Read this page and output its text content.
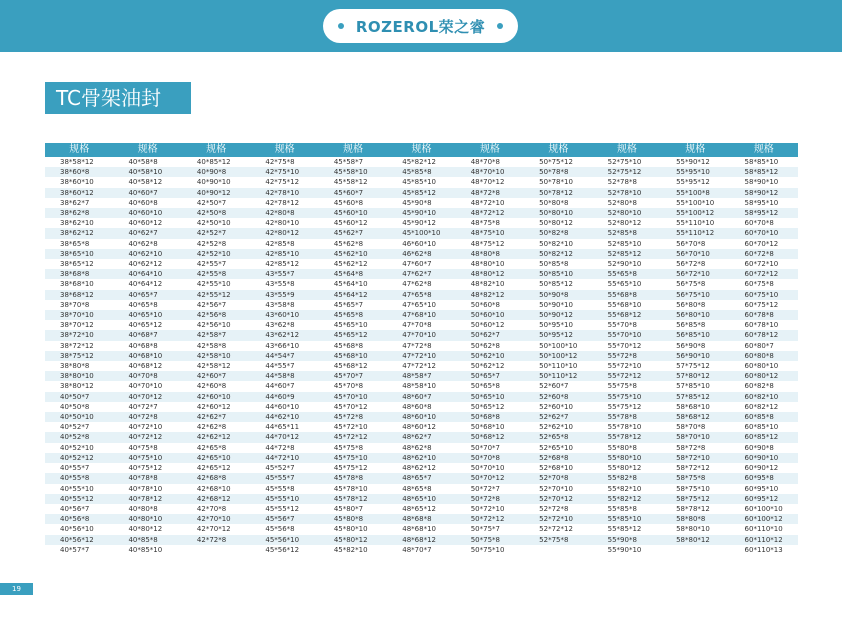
ROZEROL荣之睿
TC骨架油封
规格	规格	规格	规格	规格	规格	规格	规格	规格	规格	规格
38*58*12	40*58*8	40*85*12	42*75*8	45*58*7	45*82*12	48*70*8	50*75*12	52*75*10	55*90*12	58*85*10
38*60*8	40*58*10	40*90*8	42*75*10	45*58*10	45*85*8	48*70*10	50*78*8	52*75*12	55*95*10	58*85*12
38*60*10	40*58*12	40*90*10	42*75*12	45*58*12	45*85*10	48*70*12	50*78*10	52*78*8	55*95*12	58*90*10
38*60*12	40*60*7	40*90*12	42*78*10	45*60*7	45*85*12	48*72*8	50*78*12	52*78*10	55*100*8	58*90*12
38*62*7	40*60*8	42*50*7	42*78*12	45*60*8	45*90*8	48*72*10	50*80*8	52*80*8	55*100*10	58*95*10
38*62*8	40*60*10	42*50*8	42*80*8	45*60*10	45*90*10	48*72*12	50*80*10	52*80*10	55*100*12	58*95*12
38*62*10	40*60*12	42*50*10	42*80*10	45*60*12	45*90*12	48*75*8	50*80*12	52*80*12	55*110*10	60*70*8
38*62*12	40*62*7	42*52*7	42*80*12	45*62*7	45*100*10	48*75*10	50*82*8	52*85*8	55*110*12	60*70*10
38*65*8	40*62*8	42*52*8	42*85*8	45*62*8	46*60*10	48*75*12	50*82*10	52*85*10	56*70*8	60*70*12
38*65*10	40*62*10	42*52*10	42*85*10	45*62*10	46*62*8	48*80*8	50*82*12	52*85*12	56*70*10	60*72*8
38*65*12	40*62*12	42*55*7	42*85*12	45*62*12	47*60*7	48*80*10	50*85*8	52*90*10	56*72*8	60*72*10
38*68*8	40*64*10	42*55*8	43*55*7	45*64*8	47*62*7	48*80*12	50*85*10	55*65*8	56*72*10	60*72*12
38*68*10	40*64*12	42*55*10	43*55*8	45*64*10	47*62*8	48*82*10	50*85*12	55*65*10	56*75*8	60*75*8
38*68*12	40*65*7	42*55*12	43*55*9	45*64*12	47*65*8	48*82*12	50*90*8	55*68*8	56*75*10	60*75*10
38*70*8	40*65*8	42*56*7	43*58*8	45*65*7	47*65*10	50*60*8	50*90*10	55*68*10	56*80*8	60*75*12
38*70*10	40*65*10	42*56*8	43*60*10	45*65*8	47*68*10	50*60*10	50*90*12	55*68*12	56*80*10	60*78*8
38*70*12	40*65*12	42*56*10	43*62*8	45*65*10	47*70*8	50*60*12	50*95*10	55*70*8	56*85*8	60*78*10
38*72*10	40*68*7	42*58*7	43*62*12	45*65*12	47*70*10	50*62*7	50*95*12	55*70*10	56*85*10	60*78*12
38*72*12	40*68*8	42*58*8	43*66*10	45*68*8	47*72*8	50*62*8	50*100*10	55*70*12	56*90*8	60*80*7
38*75*12	40*68*10	42*58*10	44*54*7	45*68*10	47*72*10	50*62*10	50*100*12	55*72*8	56*90*10	60*80*8
38*80*8	40*68*12	42*58*12	44*55*7	45*68*12	47*72*12	50*62*12	50*110*10	55*72*10	57*75*12	60*80*10
38*80*10	40*70*8	42*60*7	44*58*8	45*70*7	48*58*7	50*65*7	50*110*12	55*72*12	57*80*12	60*80*12
38*80*12	40*70*10	42*60*8	44*60*7	45*70*8	48*58*10	50*65*8	52*60*7	55*75*8	57*85*10	60*82*8
40*50*7	40*70*12	42*60*10	44*60*9	45*70*10	48*60*7	50*65*10	52*60*8	55*75*10	57*85*12	60*82*10
40*50*8	40*72*7	42*60*12	44*60*10	45*70*12	48*60*8	50*65*12	52*60*10	55*75*12	58*68*10	60*82*12
40*50*10	40*72*8	42*62*7	44*62*10	45*72*8	48*60*10	50*68*8	52*62*7	55*78*8	58*68*12	60*85*8
40*52*7	40*72*10	42*62*8	44*65*11	45*72*10	48*60*12	50*68*10	52*62*10	55*78*10	58*70*8	60*85*10
40*52*8	40*72*12	42*62*12	44*70*12	45*72*12	48*62*7	50*68*12	52*65*8	55*78*12	58*70*10	60*85*12
40*52*10	40*75*8	42*65*8	44*72*8	45*75*8	48*62*8	50*70*7	52*65*10	55*80*8	58*72*8	60*90*8
40*52*12	40*75*10	42*65*10	44*72*10	45*75*10	48*62*10	50*70*8	52*68*8	55*80*10	58*72*10	60*90*10
40*55*7	40*75*12	42*65*12	45*52*7	45*75*12	48*62*12	50*70*10	52*68*10	55*80*12	58*72*12	60*90*12
40*55*8	40*78*8	42*68*8	45*55*7	45*78*8	48*65*7	50*70*12	52*70*8	55*82*8	58*75*8	60*95*8
40*55*10	40*78*10	42*68*10	45*55*8	45*78*10	48*65*8	50*72*7	52*70*10	55*82*10	58*75*10	60*95*10
40*55*12	40*78*12	42*68*12	45*55*10	45*78*12	48*65*10	50*72*8	52*70*12	55*82*12	58*75*12	60*95*12
40*56*7	40*80*8	42*70*8	45*55*12	45*80*7	48*65*12	50*72*10	52*72*8	55*85*8	58*78*12	60*100*10
40*56*8	40*80*10	42*70*10	45*56*7	45*80*8	48*68*8	50*72*12	52*72*10	55*85*10	58*80*8	60*100*12
40*56*10	40*80*12	42*70*12	45*56*8	45*80*10	48*68*10	50*75*7	52*72*12	55*85*12	58*80*10	60*110*10
40*56*12	40*85*8	42*72*8	45*56*10	45*80*12	48*68*12	50*75*8	52*75*8	55*90*8	58*80*12	60*110*12
40*57*7	40*85*10		45*56*12	45*82*10	48*70*7	50*75*10		55*90*10		60*110*13
19
